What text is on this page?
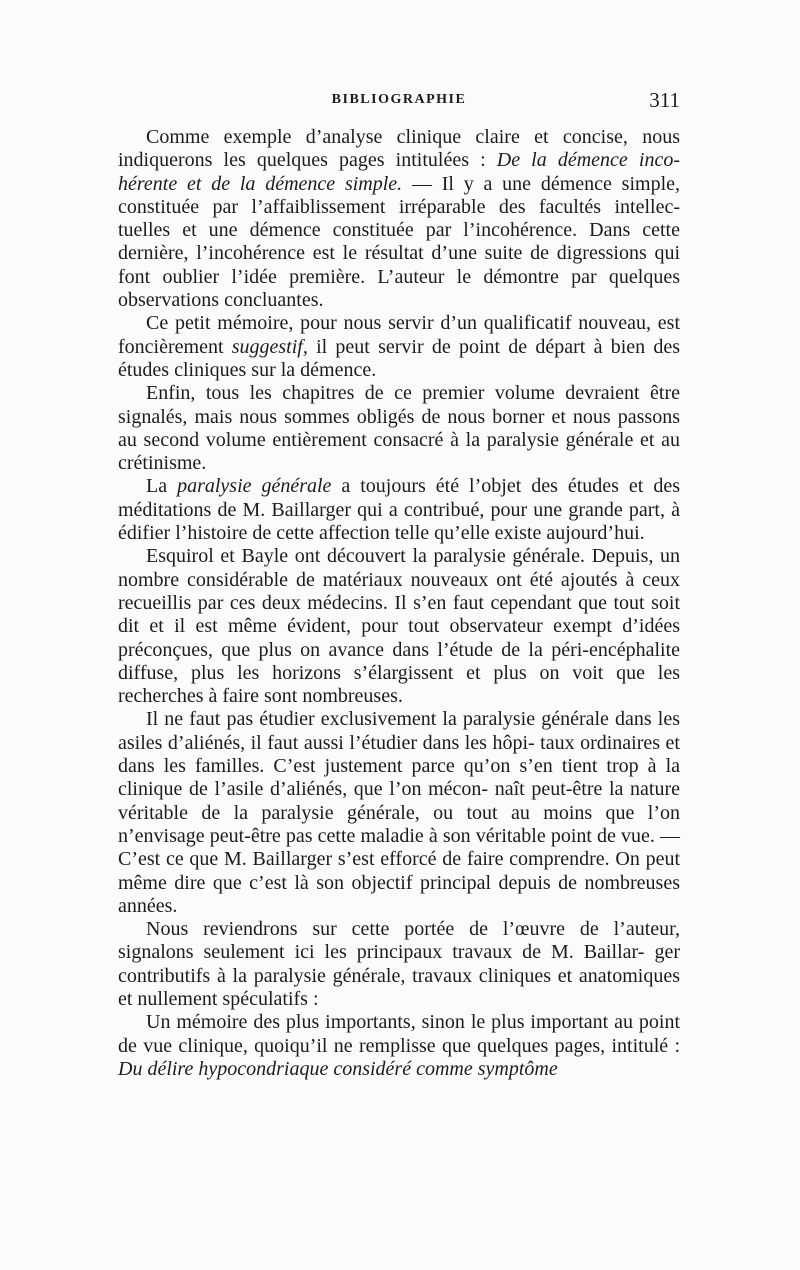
BIBLIOGRAPHIE	311

Comme exemple d’analyse clinique claire et concise, nous indiquerons les quelques pages intitulées : De la démence inco- hérente et de la démence simple. — Il y a une démence simple, constituée par l’affaiblissement irréparable des facultés intellec- tuelles et une démence constituée par l’incohérence. Dans cette dernière, l’incohérence est le résultat d’une suite de digressions qui font oublier l’idée première. L’auteur le démontre par quelques observations concluantes.

Ce petit mémoire, pour nous servir d’un qualificatif nouveau, est foncièrement suggestif, il peut servir de point de départ à bien des études cliniques sur la démence.

Enfin, tous les chapitres de ce premier volume devraient être signalés, mais nous sommes obligés de nous borner et nous passons au second volume entièrement consacré à la paralysie générale et au crétinisme.

La paralysie générale a toujours été l’objet des études et des méditations de M. Baillarger qui a contribué, pour une grande part, à édifier l’histoire de cette affection telle qu’elle existe aujourd’hui.

Esquirol et Bayle ont découvert la paralysie générale. Depuis, un nombre considérable de matériaux nouveaux ont été ajoutés à ceux recueillis par ces deux médecins. Il s’en faut cependant que tout soit dit et il est même évident, pour tout observateur exempt d’idées préconçues, que plus on avance dans l’étude de la péri-encéphalite diffuse, plus les horizons s’élargissent et plus on voit que les recherches à faire sont nombreuses.

Il ne faut pas étudier exclusivement la paralysie générale dans les asiles d’aliénés, il faut aussi l’étudier dans les hôpi- taux ordinaires et dans les familles. C’est justement parce qu’on s’en tient trop à la clinique de l’asile d’aliénés, que l’on mécon- naît peut-être la nature véritable de la paralysie générale, ou tout au moins que l’on n’envisage peut-être pas cette maladie à son véritable point de vue. — C’est ce que M. Baillarger s’est efforcé de faire comprendre. On peut même dire que c’est là son objectif principal depuis de nombreuses années.

Nous reviendrons sur cette portée de l’œuvre de l’auteur, signalons seulement ici les principaux travaux de M. Baillar- ger contributifs à la paralysie générale, travaux cliniques et anatomiques et nullement spéculatifs :

Un mémoire des plus importants, sinon le plus important au point de vue clinique, quoiqu’il ne remplisse que quelques pages, intitulé : Du délire hypocondriaque considéré comme symptôme
